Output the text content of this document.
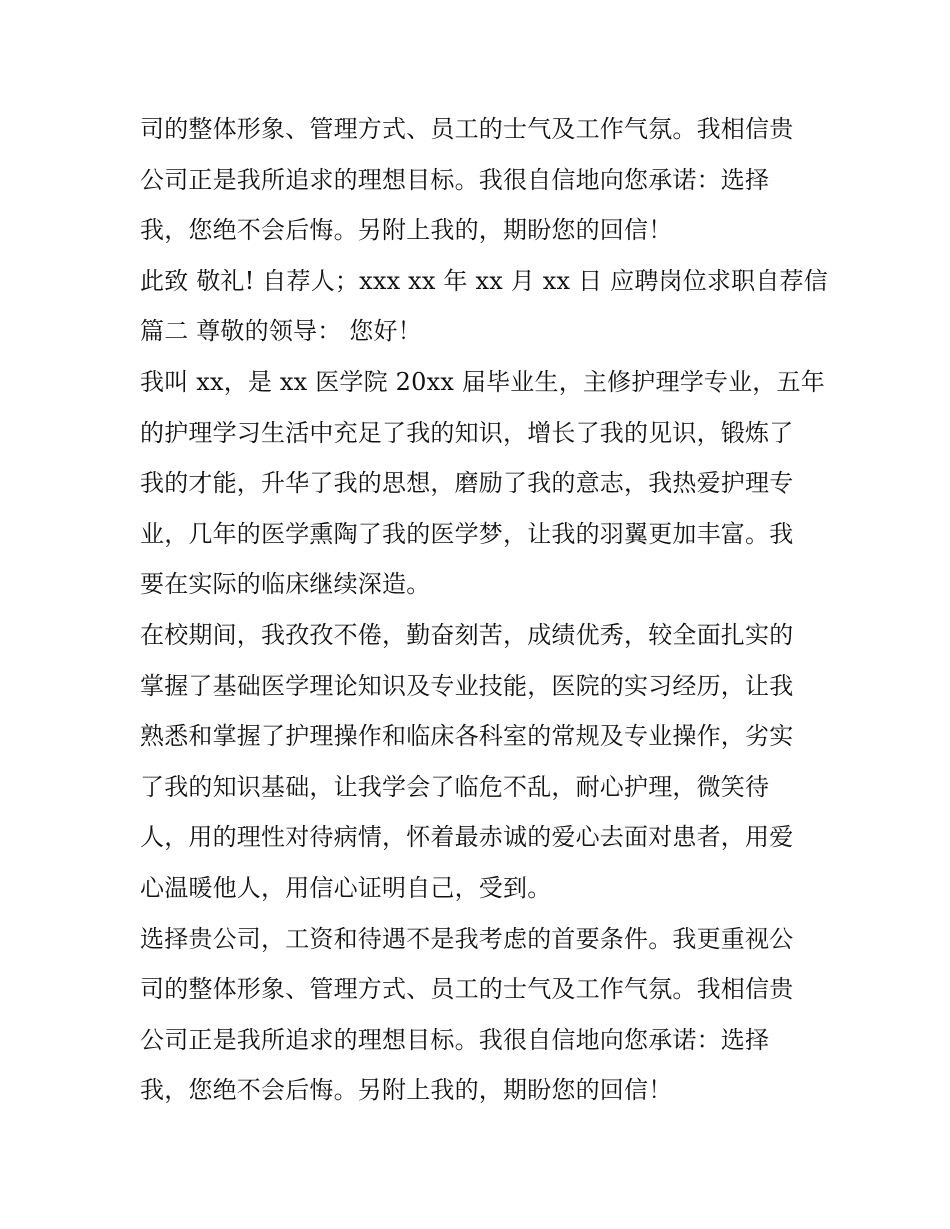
司的整体形象、管理方式、员工的士气及工作气氛。我相信贵
公司正是我所追求的理想目标。我很自信地向您承诺：选择
我，您绝不会后悔。另附上我的，期盼您的回信！
此致 敬礼! 自荐人；xxx xx 年 xx 月 xx 日 应聘岗位求职自荐信
篇二 尊敬的领导： 您好！
我叫 xx，是 xx 医学院 20xx 届毕业生，主修护理学专业，五年
的护理学习生活中充足了我的知识，增长了我的见识，锻炼了
我的才能，升华了我的思想，磨励了我的意志，我热爱护理专
业，几年的医学熏陶了我的医学梦，让我的羽翼更加丰富。我
要在实际的临床继续深造。
在校期间，我孜孜不倦，勤奋刻苦，成绩优秀，较全面扎实的
掌握了基础医学理论知识及专业技能，医院的实习经历，让我
熟悉和掌握了护理操作和临床各科室的常规及专业操作，劣实
了我的知识基础，让我学会了临危不乱，耐心护理，微笑待
人，用的理性对待病情，怀着最赤诚的爱心去面对患者，用爱
心温暖他人，用信心证明自己，受到。
选择贵公司，工资和待遇不是我考虑的首要条件。我更重视公
司的整体形象、管理方式、员工的士气及工作气氛。我相信贵
公司正是我所追求的理想目标。我很自信地向您承诺：选择
我，您绝不会后悔。另附上我的，期盼您的回信！
